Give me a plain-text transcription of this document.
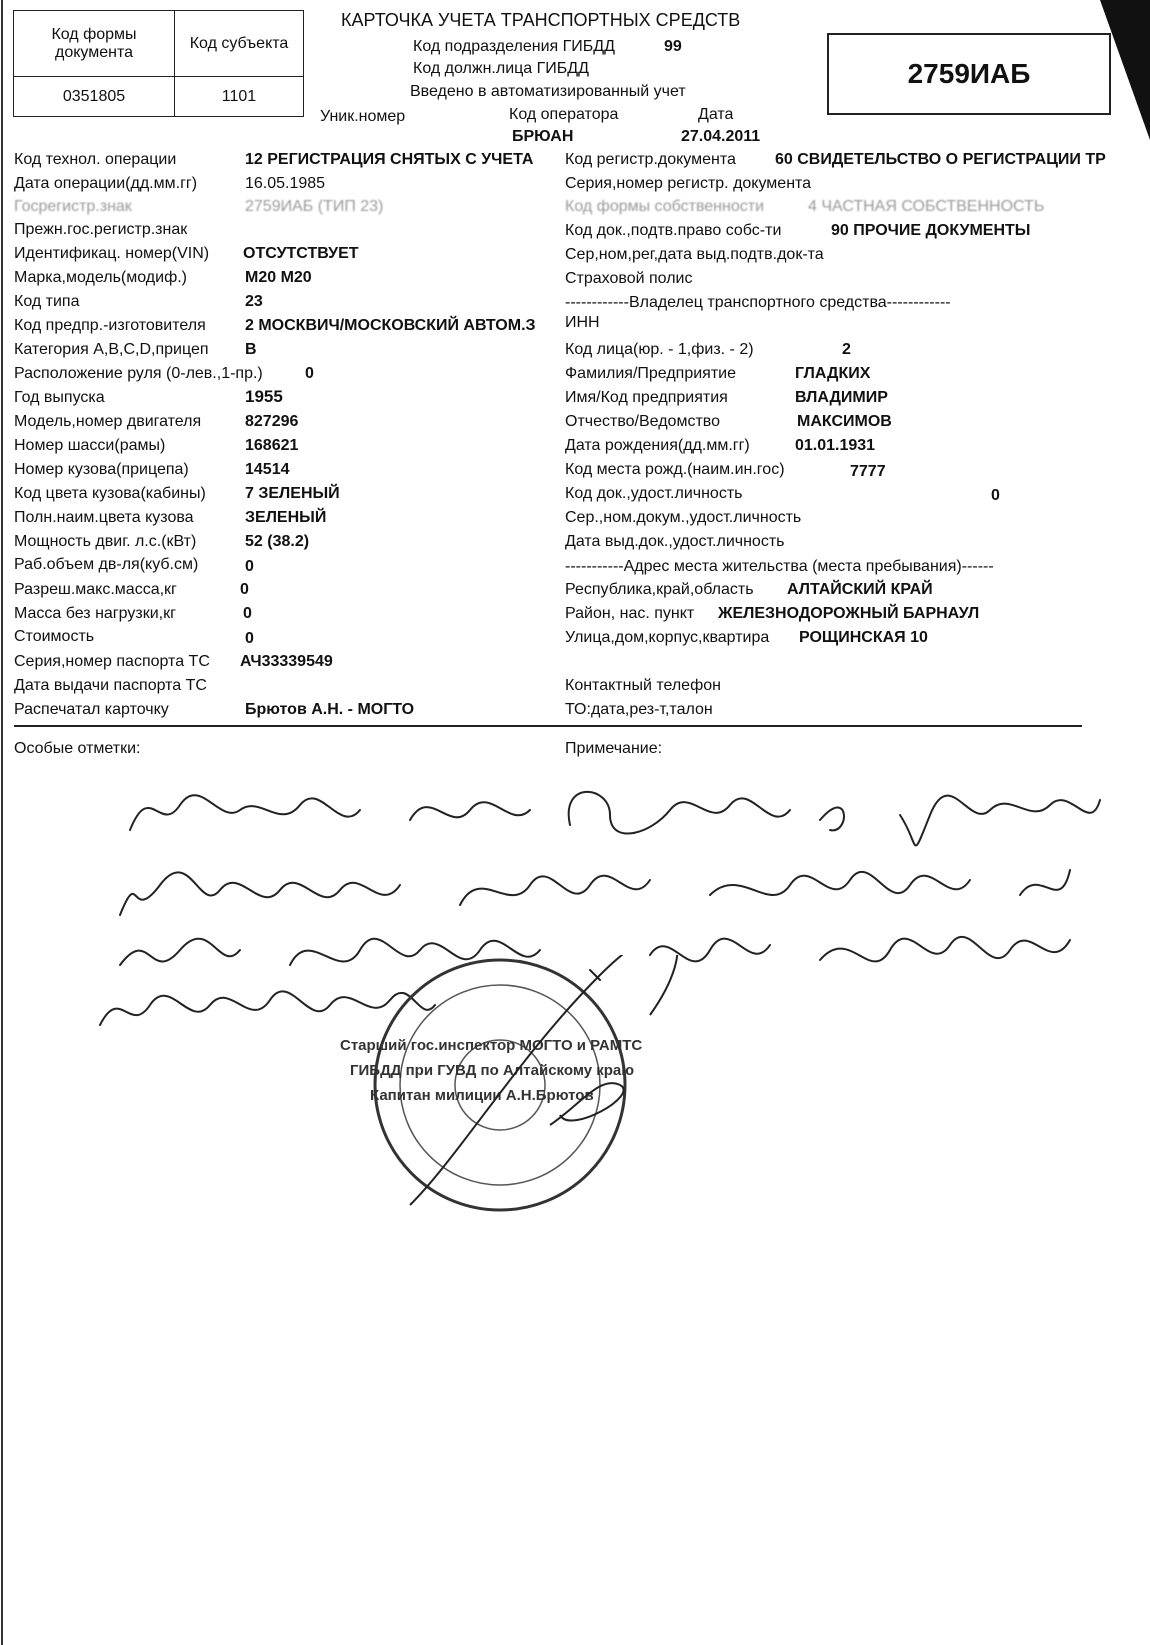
Код формы документа	Код субъекта
0351805	1101
КАРТОЧКА УЧЕТА ТРАНСПОРТНЫХ СРЕДСТВ
Код подразделения ГИБДД	99
Код должн.лица ГИБДД
Введено в автоматизированный учет
Уник.номер	Код оператора	Дата
БРЮАН	27.04.2011
2759ИАБ
Код технол. операции	12 РЕГИСТРАЦИЯ СНЯТЫХ С УЧЕТА
Дата операции(дд.мм.гг)	16.05.1985
Госрегистр.знак	2759ИАБ (ТИП 23)
Прежн.гос.регистр.знак
Идентификац. номер(VIN) ОТСУТСТВУЕТ
Марка,модель(модиф.)	М20 М20
Код типа	23
Код предпр.-изготовителя 2 МОСКВИЧ/МОСКОВСКИЙ АВТОМ.З
Категория А,В,С,D,прицеп B
Расположение руля (0-лев.,1-пр.)	0
Год выпуска	1955
Модель,номер двигателя	827296
Номер шасси(рамы)	168621
Номер кузова(прицепа)	14514
Код цвета кузова(кабины) 7 ЗЕЛЕНЫЙ
Полн.наим.цвета кузова	ЗЕЛЕНЫЙ
Мощность двиг. л.с.(кВт)	52 (38.2)
Раб.объем дв-ля(куб.см)	0
Разреш.макс.масса,кг	0
Масса без нагрузки,кг	0
Стоимость	0
Серия,номер паспорта ТС АЧ33339549
Дата выдачи паспорта ТС
Распечатал карточку	Брютов А.Н. - МОГТО
Код регистр.документа 60 СВИДЕТЕЛЬСТВО О РЕГИСТРАЦИИ ТР
Серия,номер регистр. документа
Код формы собственности	4 ЧАСТНАЯ СОБСТВЕННОСТЬ
Код док.,подтв.право собс-ти	90 ПРОЧИЕ ДОКУМЕНТЫ
Сер,ном,рег,дата выд.подтв.док-та
Страховой полис
------------Владелец транспортного средства------------
ИНН
Код лица(юр. - 1,физ. - 2)	2
Фамилия/Предприятие	ГЛАДКИХ
Имя/Код предприятия	ВЛАДИМИР
Отчество/Ведомство	МАКСИМОВ
Дата рождения(дд.мм.гг)	01.01.1931
Код места рожд.(наим.ин.гос)	7777
Код док.,удост.личность	0
Сер.,ном.докум.,удост.личность
Дата выд.док.,удост.личность
-----------Адрес места жительства (места пребывания)------
Республика,край,область АЛТАЙСКИЙ КРАЙ
Район, нас. пункт ЖЕЛЕЗНОДОРОЖНЫЙ БАРНАУЛ
Улица,дом,корпус,квартира РОЩИНСКАЯ 10
Контактный телефон
ТО:дата,рез-т,талон
Особые отметки:	Примечание:
Старший гос.инспектор МОГТО и РАМТС
ГИБДД при ГУВД по Алтайскому краю
Капитан милиции А.Н.Брютов
ГУВД по Алтайскому краю АК г. Барнаул МОГТО и РАМТС ГИБДД
